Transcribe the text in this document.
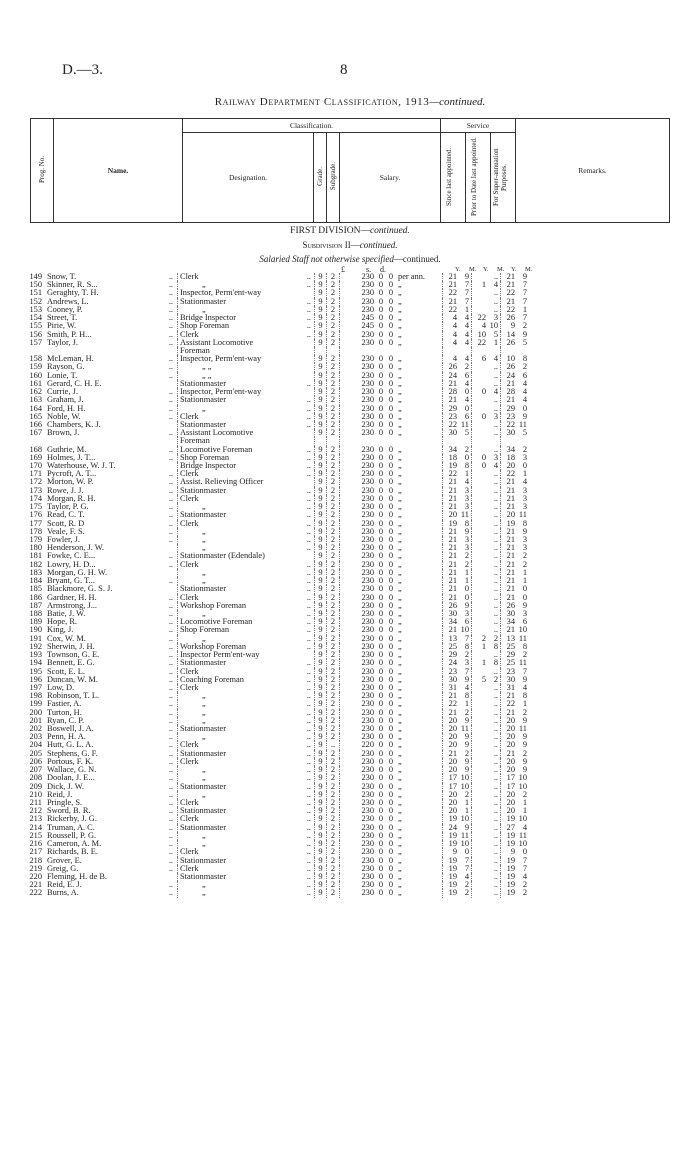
D.—3.	8
Railway Department Classification, 1913—continued.
Prog. No.	Name.	Classification.				Service			Remarks.
		Designation.	Grade.	Subgrade.	Salary.	Since last appointed.	Prior to Date last appointed.	For Super-annuation Purposes.	
FIRST DIVISION—continued.
Subdivision II—continued.
Salaried Staff not otherwise specified—continued.
£	s. d.	Y. M. Y. M. Y. M.
149	Snow, T. ..	Clerk ..	9	2	230	0	0	per ann.	21	9		..	21	9
150	Skinner, R. S... ..	„ ..	9	2	230	0	0	„	21	7	1	4	21	7
151	Geraghty, T. H. ..	Inspector, Perm'ent-way	9	2	230	0	0	„	22	7		..	22	7
152	Andrews, L. ..	Stationmaster ..	9	2	230	0	0	„	21	7		..	21	7
153	Cooney, P. ..	„ ..	9	2	230	0	0	„	22	1		..	22	1
154	Street, T. ..	Bridge Inspector ..	9	2	245	0	0	„	4	4	22	3	26	7
155	Pirie, W. ..	Shop Foreman ..	9	2	245	0	0	„	4	4	4	10	9	2
156	Smith, P. H... ..	Clerk ..	9	2	230	0	0	„	4	4	10	5	14	9
157	Taylor, J. ..	Assistant Locomotive	9	2	230	0	0	„	4	4	22	1	26	5

	Foreman

158	McLeman, H. ..	Inspector, Perm'ent-way	9	2	230	0	0	„	4	4	6	4	10	8
159	Rayson, G. ..	„ „	9	2	230	0	0	„	26	2		..	26	2
160	Lonie, T. ..	„ „	9	2	230	0	0	„	24	6		..	24	6
161	Gerard, C. H. E.	Stationmaster ..	9	2	230	0	0	„	21	4		..	21	4
162	Currie, J. ..	Inspector, Perm'ent-way	9	2	230	0	0	„	28	0	0	4	28	4
163	Graham, J. ..	Stationmaster ..	9	2	230	0	0	„	21	4		..	21	4
164	Ford, H. H. ..	„ ..	9	2	230	0	0	„	29	0		..	29	0
165	Noble, W. ..	Clerk ..	9	2	230	0	0	„	23	6	0	3	23	9
166	Chambers, K. J.	Stationmaster ..	9	2	230	0	0	„	22	11		..	22	11
167	Brown, J. ..	Assistant Locomotive	9	2	230	0	0	„	30	5		..	30	5

	Foreman

168	Guthrie, M. ..	Locomotive Foreman ..	9	2	230	0	0	„	34	2		..	34	2
169	Holmes, J. T... ..	Shop Foreman ..	9	2	230	0	0	„	18	0	0	3	18	3
170	Waterhouse, W. J. T.	Bridge Inspector ..	9	2	230	0	0	„	19	8	0	4	20	0
171	Pycroft, A. T... ..	Clerk ..	9	2	230	0	0	„	22	1		..	22	1
172	Morton, W. P. ..	Assist. Relieving Officer	9	2	230	0	0	„	21	4		..	21	4
173	Rowe, J. J. ..	Stationmaster ..	9	2	230	0	0	„	21	3		..	21	3
174	Morgan, R. H. ..	Clerk ..	9	2	230	0	0	„	21	3		..	21	3
175	Taylor, P. G. ..	„ ..	9	2	230	0	0	„	21	3		..	21	3
176	Read, C. T. ..	Stationmaster ..	9	2	230	0	0	„	20	11		..	20	11
177	Scott, R. D ..	Clerk ..	9	2	230	0	0	„	19	8		..	19	8
178	Veale, F. S. ..	„ ..	9	2	230	0	0	„	21	9		..	21	9
179	Fowler, J. ..	„ ..	9	2	230	0	0	„	21	3		..	21	3
180	Henderson, J. W.	„ ..	9	2	230	0	0	„	21	3		..	21	3
181	Fowke, C. E... ..	Stationmaster (Edendale)	9	2	230	0	0	„	21	2		..	21	2
182	Lowry, H. D... ..	Clerk ..	9	2	230	0	0	„	21	2		..	21	2
183	Morgan, G. H. W.	„ ..	9	2	230	0	0	„	21	1		..	21	1
184	Bryant, G. T... ..	„ ..	9	2	230	0	0	„	21	1		..	21	1
185	Blackmore, G. S. J.	Stationmaster ..	9	2	230	0	0	„	21	0		..	21	0
186	Gardner, H. H. ..	Clerk ..	9	2	230	0	0	„	21	0		..	21	0
187	Armstrong, J... ..	Workshop Foreman ..	9	2	230	0	0	„	26	9		..	26	9
188	Batie, J. W. ..	„ ..	9	2	230	0	0	„	30	3		..	30	3
189	Hope, R. ..	Locomotive Foreman ..	9	2	230	0	0	„	34	6		..	34	6
190	King, J. ..	Shop Foreman ..	9	2	230	0	0	„	21	10		..	21	10
191	Cox, W. M. ..	„ ..	9	2	230	0	0	„	13	7	2	2	13	11
192	Sherwin, J. H. ..	Workshop Foreman ..	9	2	230	0	0	„	25	8	1	8	25	8
193	Townson, G. E. ..	Inspector Perm'ent-way	9	2	230	0	0	„	29	2		..	29	2
194	Bennett, E. G. ..	Stationmaster ..	9	2	230	0	0	„	24	3	1	8	25	11
195	Scott, E. L. ..	Clerk ..	9	2	230	0	0	„	23	7		..	23	7
196	Duncan, W. M. ..	Coaching Foreman ..	9	2	230	0	0	„	30	9	5	2	30	9
197	Low, D. ..	Clerk ..	9	2	230	0	0	„	31	4		..	31	4
198	Robinson, T. L. ..	„ ..	9	2	230	0	0	„	21	8		..	21	8
199	Fastier, A. ..	„ ..	9	2	230	0	0	„	22	1		..	22	1
200	Turton, H. ..	„ ..	9	2	230	0	0	„	21	2		..	21	2
201	Ryan, C. P. ..	„ ..	9	2	230	0	0	„	20	9		..	20	9
202	Boswell, J. A. ..	Stationmaster ..	9	2	230	0	0	„	20	11		..	20	11
203	Penn, H. A. ..	„ ..	9	2	230	0	0	„	20	9		..	20	9
204	Hutt, G. L. A. ..	Clerk ..	9	..	220	0	0	„	20	9		..	20	9
205	Stephens, G. F. ..	Stationmaster ..	9	2	230	0	0	„	21	2		..	21	2
206	Portous, F. K. ..	Clerk ..	9	2	230	0	0	„	20	9		..	20	9
207	Wallace, G. N. ..	„ ..	9	2	230	0	0	„	20	9		..	20	9
208	Doolan, J. E... ..	„ ..	9	2	230	0	0	„	17	10		..	17	10
209	Dick, J. W. ..	Stationmaster ..	9	2	230	0	0	„	17	10		..	17	10
210	Reid, J. ..	„ ..	9	2	230	0	0	„	20	2		..	20	2
211	Pringle, S. ..	Clerk ..	9	2	230	0	0	„	20	1		..	20	1
212	Sword, B. R. ..	Stationmaster ..	9	2	230	0	0	„	20	1		..	20	1
213	Rickerby, J. G. ..	Clerk ..	9	2	230	0	0	„	19	10		..	19	10
214	Truman, A. C. ..	Stationmaster ..	9	2	230	0	0	„	24	9		..	27	4
215	Roussell, P. G. ..	„ ..	9	2	230	0	0	„	19	11		..	19	11
216	Cameron, A. M. ..	„ ..	9	2	230	0	0	„	19	10		..	19	10
217	Richards, B. E. ..	Clerk ..	9	2	230	0	0	„	9	0		..	9	0
218	Grover, E. ..	Stationmaster ..	9	2	230	0	0	„	19	7		..	19	7
219	Greig, G. ..	Clerk ..	9	2	230	0	0	„	19	7		..	19	7
220	Fleming, H. de B.	Stationmaster ..	9	2	230	0	0	„	19	4		..	19	4
221	Reid, E. J. ..	„ ..	9	2	230	0	0	„	19	2		..	19	2
222	Burns, A. ..	„ ..	9	2	230	0	0	„	19	2		..	19	2
